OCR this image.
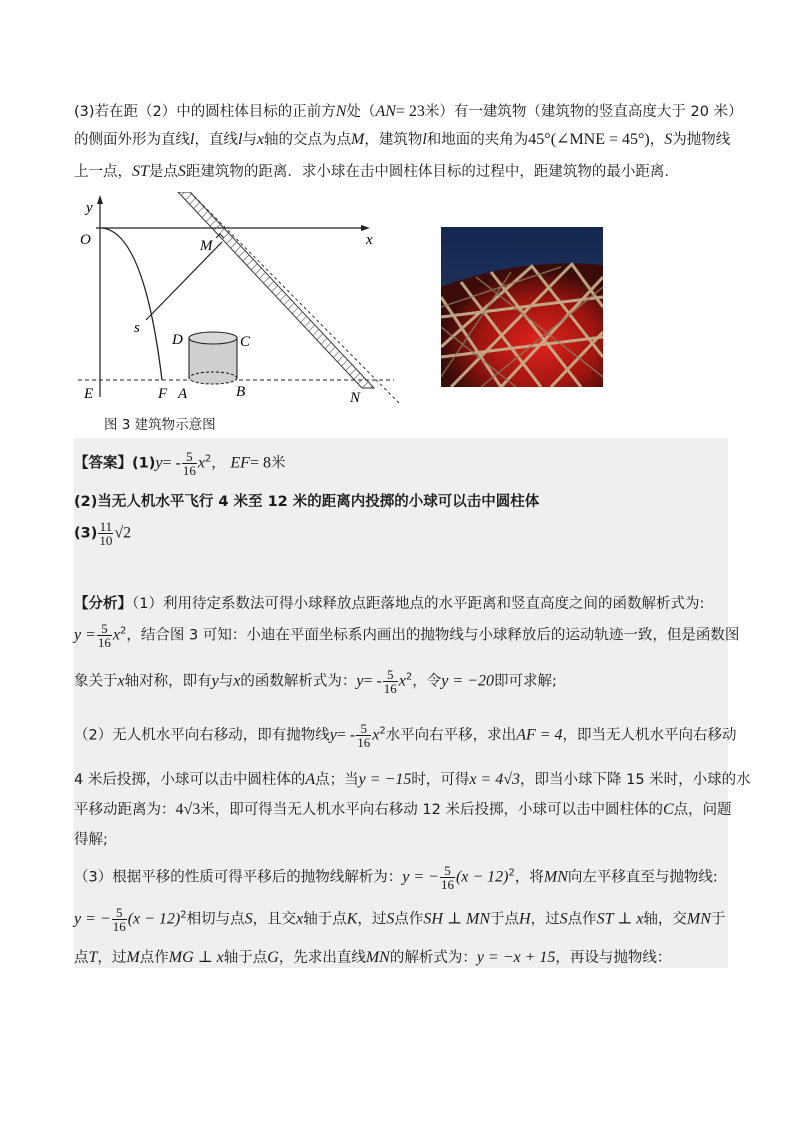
(3)若在距（2）中的圆柱体目标的正前方N处（AN= 23米）有一建筑物（建筑物的竖直高度大于 20 米）
的侧面外形为直线l，直线l与x轴的交点为点M，建筑物l和地面的夹角为45°(∠MNE = 45°)，S为抛物线
上一点，ST是点S距建筑物的距离．求小球在击中圆柱体目标的过程中，距建筑物的最小距离.
y
O	x
M
s
D	C
E	F A	B	N
图 3 建筑物示意图
【答案】$(1)y= - \frac{5}{16} x^2$， EF= 8米
(2)当无人机水平飞行 4 米至 12 米的距离内投掷的小球可以击中圆柱体
$(3) \frac{11}{10} √2$
【分析】（1）利用待定系数法可得小球释放点距落地点的水平距离和竖直高度之间的函数解析式为:
$y = \frac{5}{16} x^2$，结合图 3 可知：小迪在平面坐标系内画出的抛物线与小球释放后的运动轨迹一致，但是函数图
象关于x轴对称，即有y与x的函数解析式为：$y= - \frac{5}{16} x^2$，令y = −20即可求解;
（2）无人机水平向右移动，即有抛物线$y= - \frac{5}{16} x^2$水平向右平移，求出AF = 4，即当无人机水平向右移动
4 米后投掷，小球可以击中圆柱体的A点；当y = −15时，可得x = 4√3，即当小球下降 15 米时，小球的水
平移动距离为：4√3米，即可得当无人机水平向右移动 12 米后投掷，小球可以击中圆柱体的C点，问题
得解;
（3）根据平移的性质可得平移后的抛物线解析为：y = − $\frac{5}{16} (x - 12)^2$，将MN向左平移直至与抛物线:
y = − $\frac{5}{16} (x - 12)^2$相切与点S，且交x轴于点K，过S点作SH ⊥ MN于点H，过S点作ST ⊥ x轴，交MN于
点T，过M点作MG ⊥ x轴于点G，先求出直线MN的解析式为：y = −x + 15，再设与抛物线：
